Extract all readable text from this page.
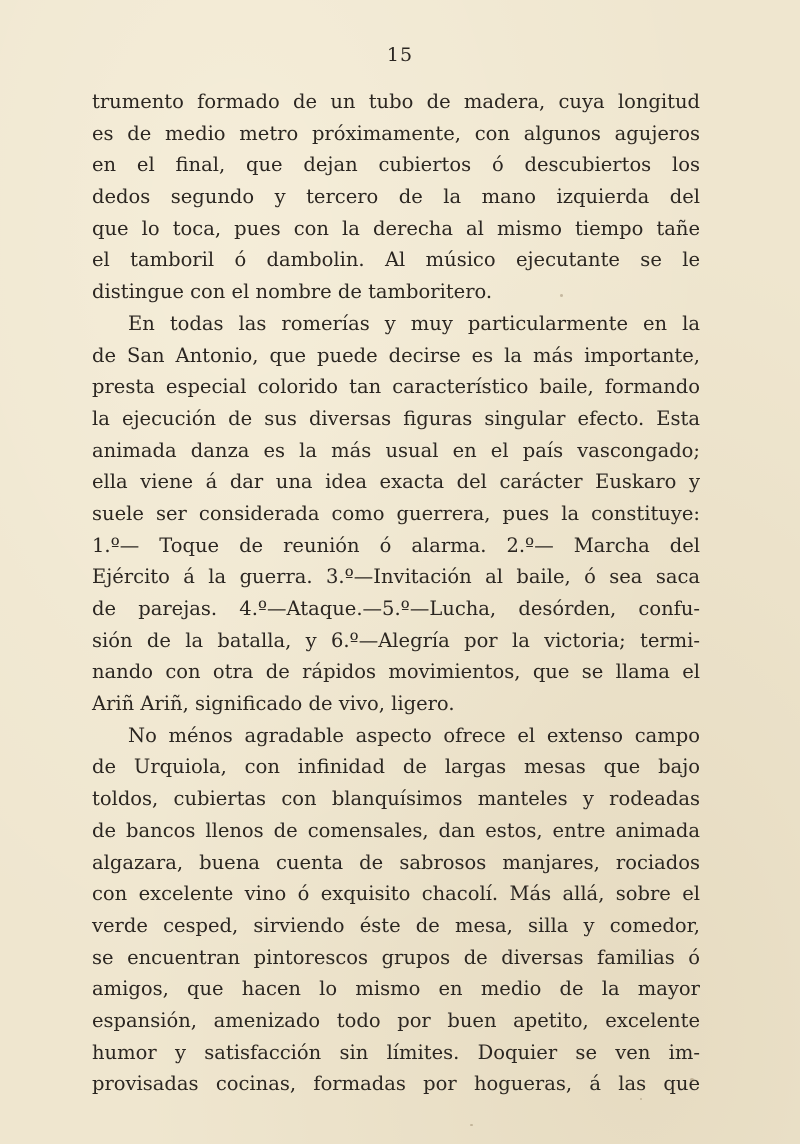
15
trumento formado de un tubo de madera, cuya longitud
es de medio metro próximamente, con algunos agujeros
en el final, que dejan cubiertos ó descubiertos los
dedos segundo y tercero de la mano izquierda del
que lo toca, pues con la derecha al mismo tiempo tañe
el tamboril ó dambolin. Al músico ejecutante se le
distingue con el nombre de tamboritero.
En todas las romerías y muy particularmente en la
de San Antonio, que puede decirse es la más importante,
presta especial colorido tan característico baile, formando
la ejecución de sus diversas figuras singular efecto. Esta
animada danza es la más usual en el país vascongado;
ella viene á dar una idea exacta del carácter Euskaro y
suele ser considerada como guerrera, pues la constituye:
1.º— Toque de reunión ó alarma. 2.º— Marcha del
Ejército á la guerra. 3.º—Invitación al baile, ó sea saca
de parejas. 4.º—Ataque.—5.º—Lucha, desórden, confu-
sión de la batalla, y 6.º—Alegría por la victoria; termi-
nando con otra de rápidos movimientos, que se llama el
Ariñ Ariñ, significado de vivo, ligero.
No ménos agradable aspecto ofrece el extenso campo
de Urquiola, con infinidad de largas mesas que bajo
toldos, cubiertas con blanquísimos manteles y rodeadas
de bancos llenos de comensales, dan estos, entre animada
algazara, buena cuenta de sabrosos manjares, rociados
con excelente vino ó exquisito chacolí. Más allá, sobre el
verde cesped, sirviendo éste de mesa, silla y comedor,
se encuentran pintorescos grupos de diversas familias ó
amigos, que hacen lo mismo en medio de la mayor
espansión, amenizado todo por buen apetito, excelente
humor y satisfacción sin límites. Doquier se ven im-
provisadas cocinas, formadas por hogueras, á las que
